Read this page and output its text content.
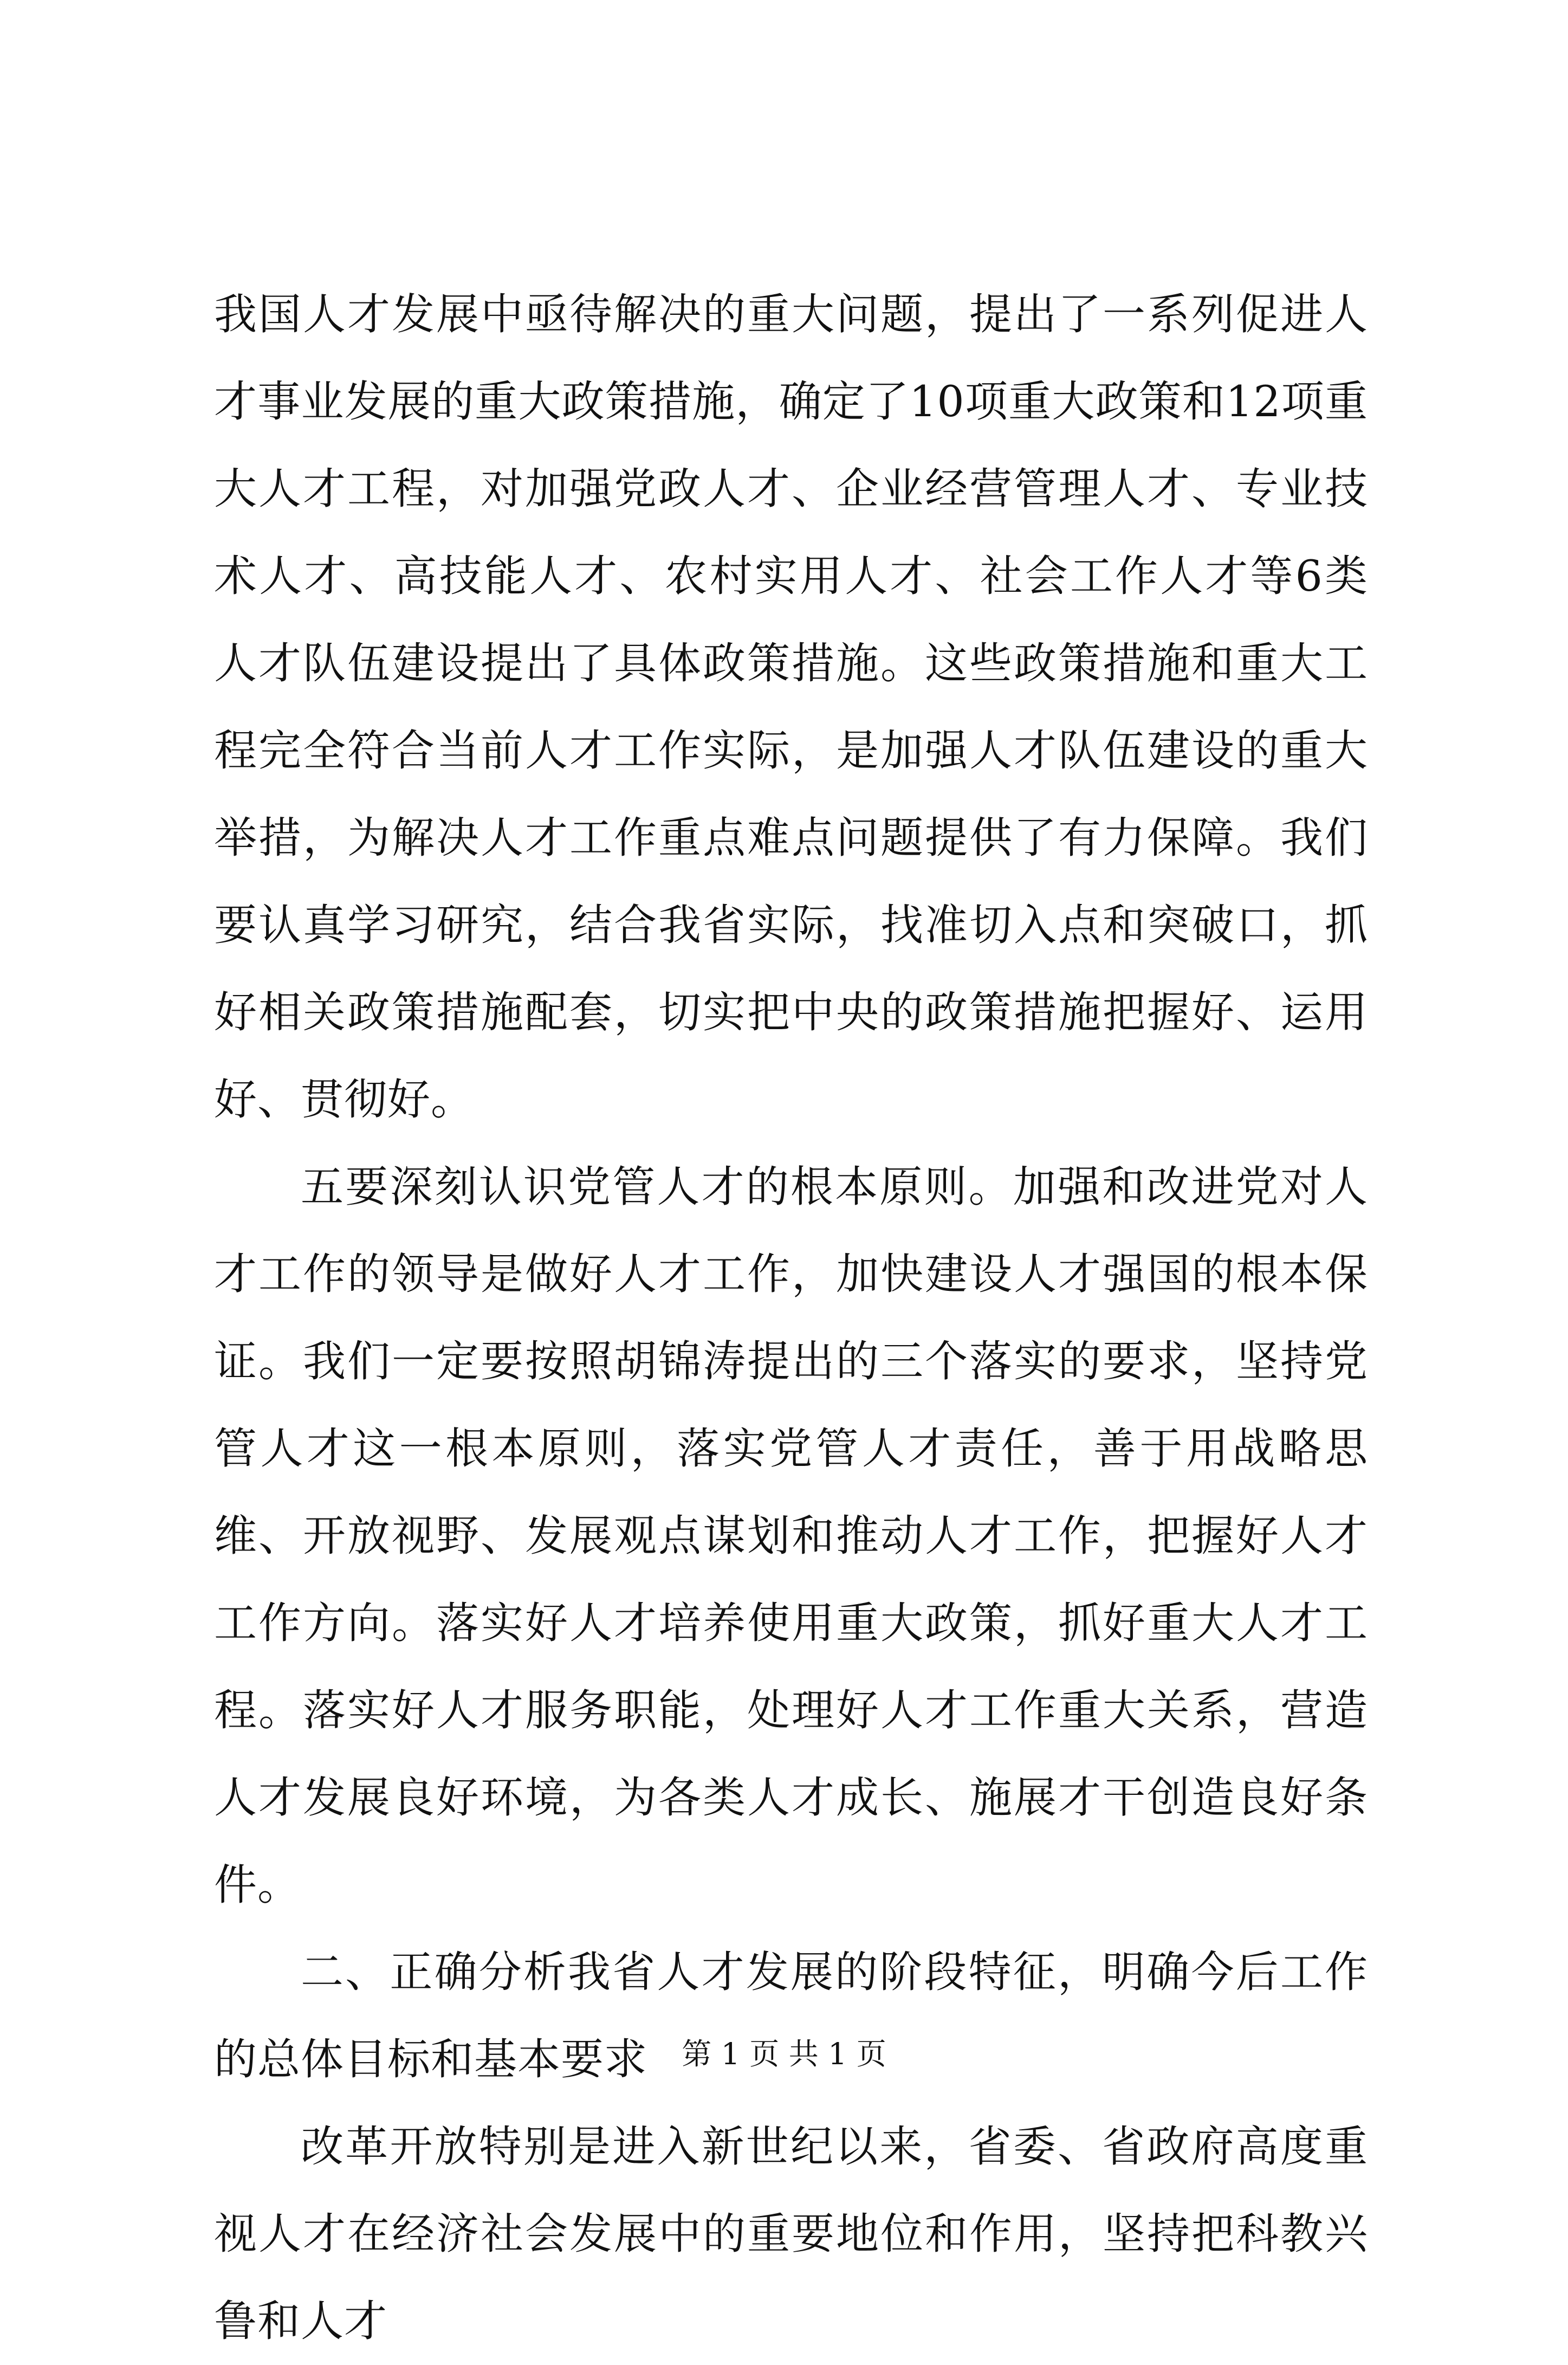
我国人才发展中亟待解决的重大问题，提出了一系列促进人才事业发展的重大政策措施，确定了10项重大政策和12项重大人才工程，对加强党政人才、企业经营管理人才、专业技术人才、高技能人才、农村实用人才、社会工作人才等6类人才队伍建设提出了具体政策措施。这些政策措施和重大工程完全符合当前人才工作实际，是加强人才队伍建设的重大举措，为解决人才工作重点难点问题提供了有力保障。我们要认真学习研究，结合我省实际，找准切入点和突破口，抓好相关政策措施配套，切实把中央的政策措施把握好、运用好、贯彻好。

五要深刻认识党管人才的根本原则。加强和改进党对人才工作的领导是做好人才工作，加快建设人才强国的根本保证。我们一定要按照胡锦涛提出的三个落实的要求，坚持党管人才这一根本原则，落实党管人才责任，善于用战略思维、开放视野、发展观点谋划和推动人才工作，把握好人才工作方向。落实好人才培养使用重大政策，抓好重大人才工程。落实好人才服务职能，处理好人才工作重大关系，营造人才发展良好环境，为各类人才成长、施展才干创造良好条件。

二、正确分析我省人才发展的阶段特征，明确今后工作的总体目标和基本要求

改革开放特别是进入新世纪以来，省委、省政府高度重视人才在经济社会发展中的重要地位和作用，坚持把科教兴鲁和人才

第 1 页 共 1 页
